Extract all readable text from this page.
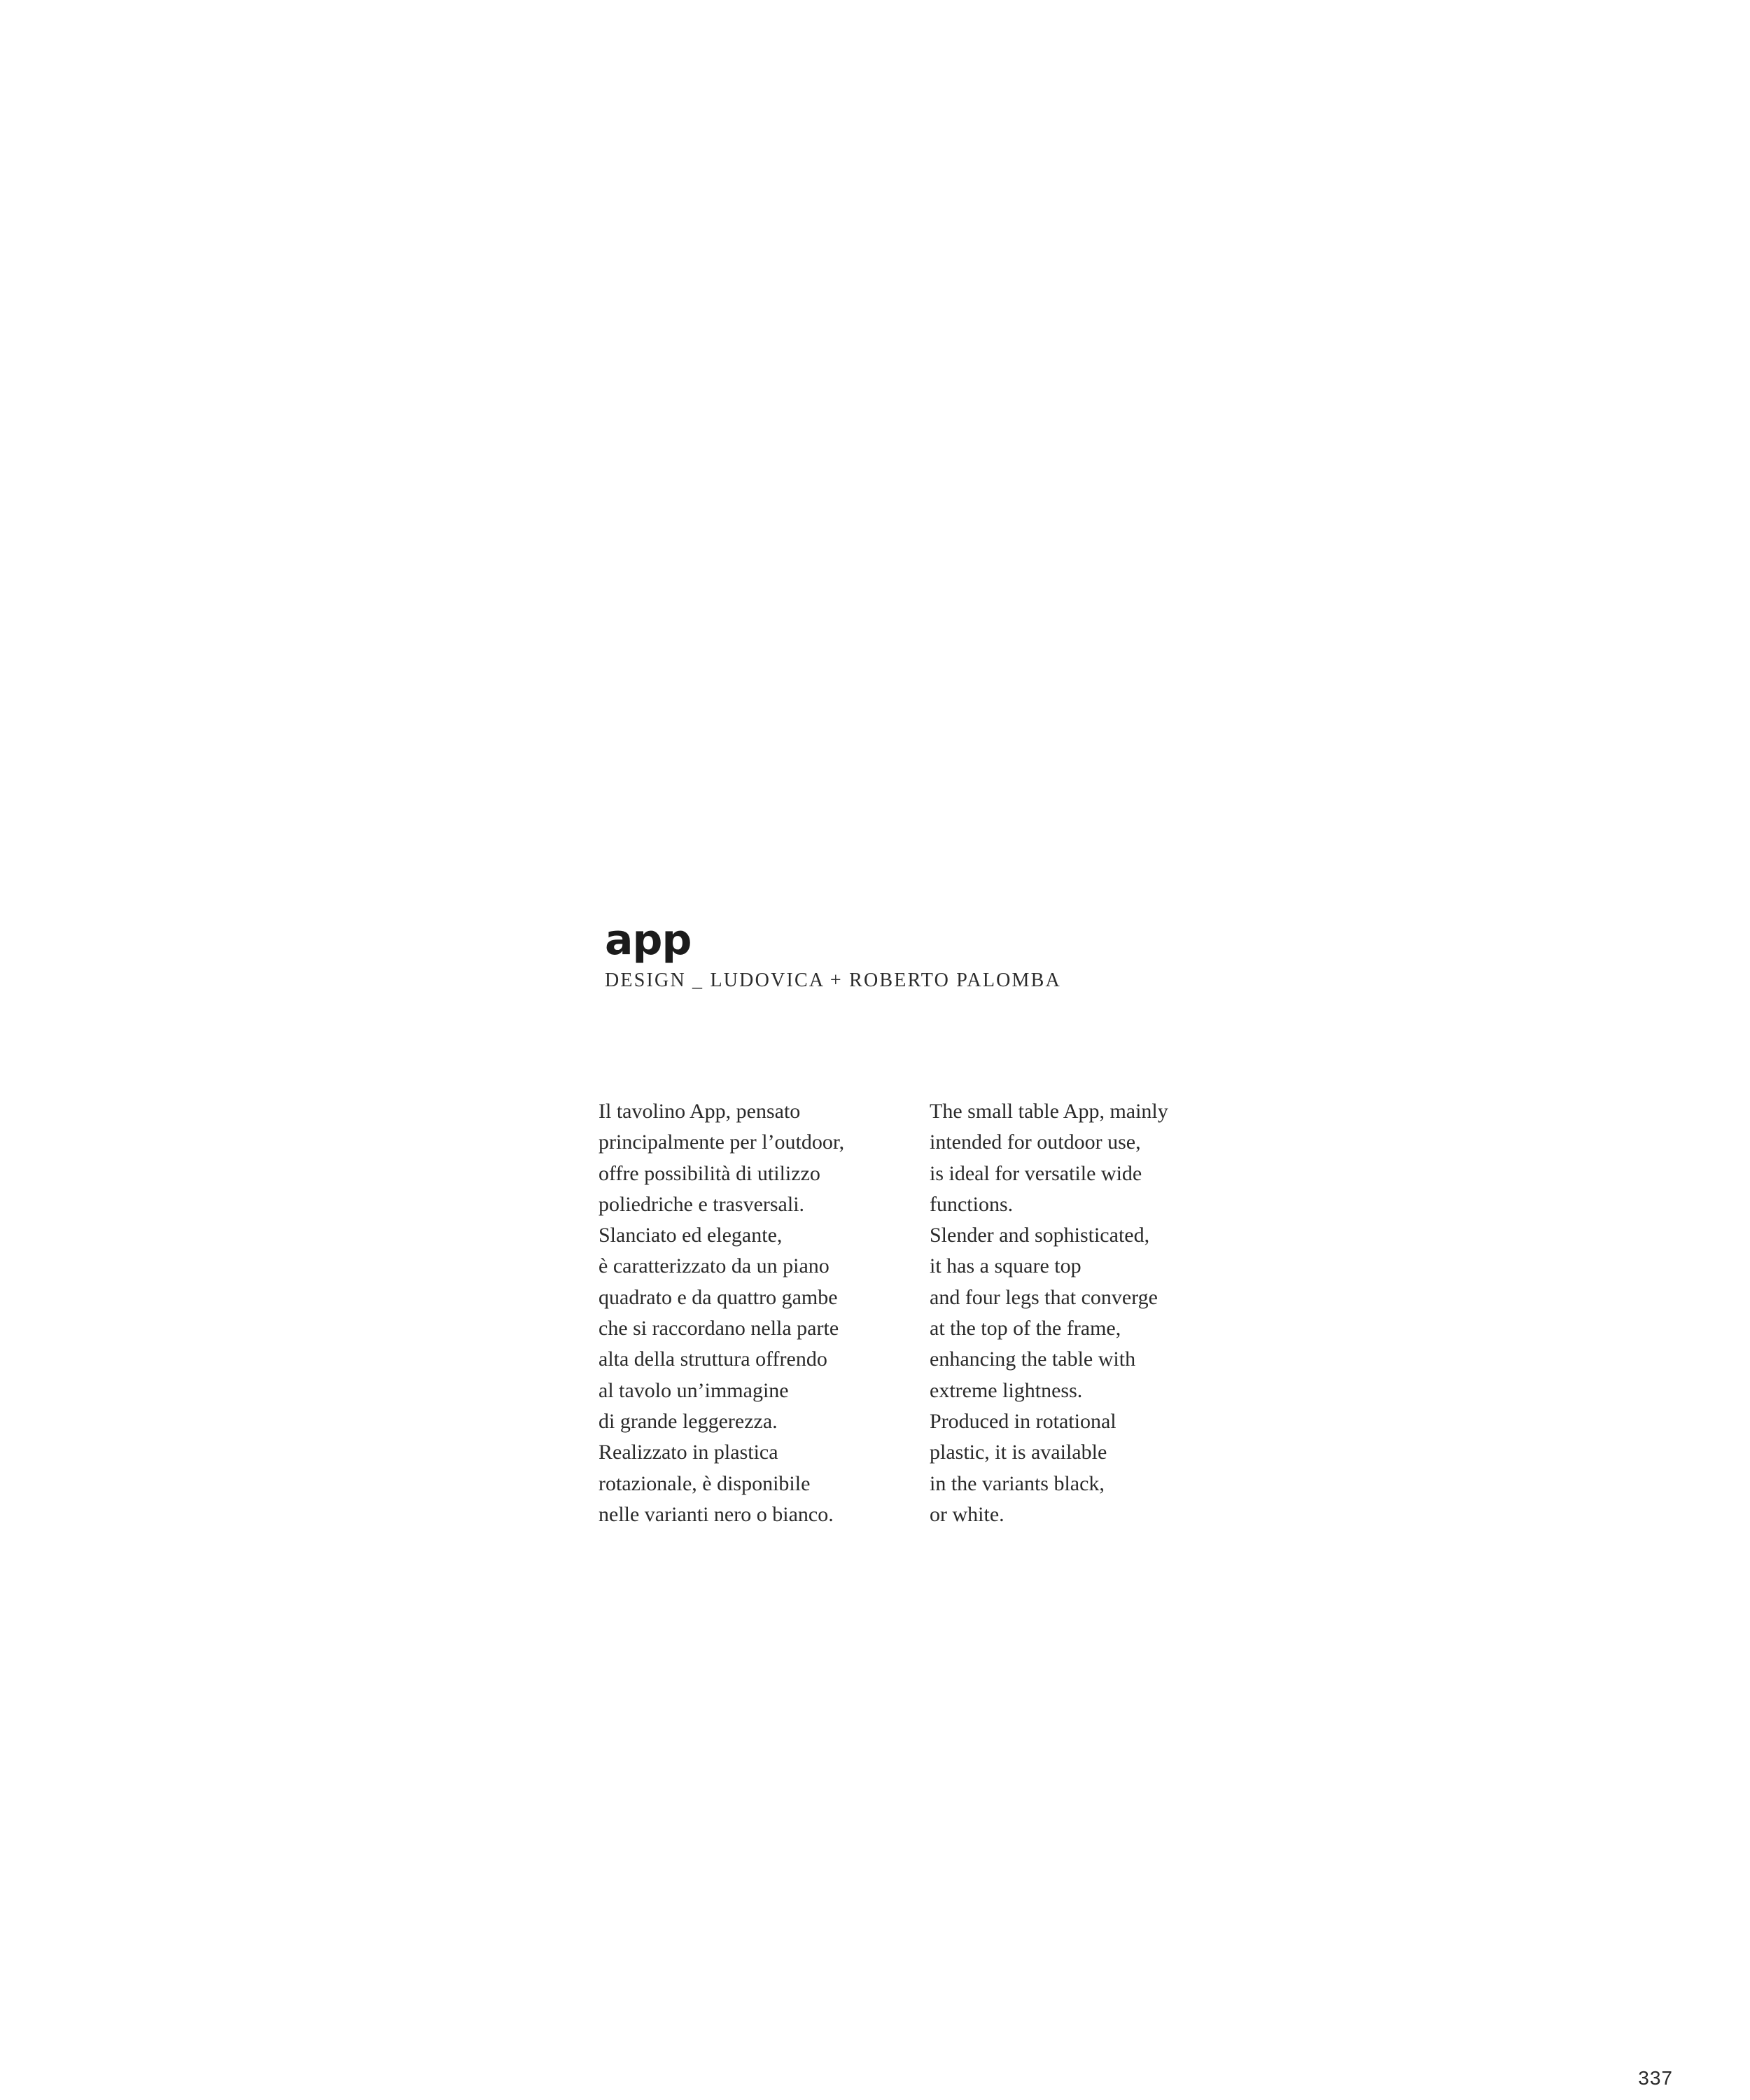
app
DESIGN _ LUDOVICA + ROBERTO PALOMBA
Il tavolino App, pensato
principalmente per l’outdoor,
offre possibilità di utilizzo
poliedriche e trasversali.
Slanciato ed elegante,
è caratterizzato da un piano
quadrato e da quattro gambe
che si raccordano nella parte
alta della struttura offrendo
al tavolo un’immagine
di grande leggerezza.
Realizzato in plastica
rotazionale, è disponibile
nelle varianti nero o bianco.
The small table App, mainly
intended for outdoor use,
is ideal for versatile wide
functions.
Slender and sophisticated,
it has a square top
and four legs that converge
at the top of the frame,
enhancing the table with
extreme lightness.
Produced in rotational
plastic, it is available
in the variants black,
or white.
337
